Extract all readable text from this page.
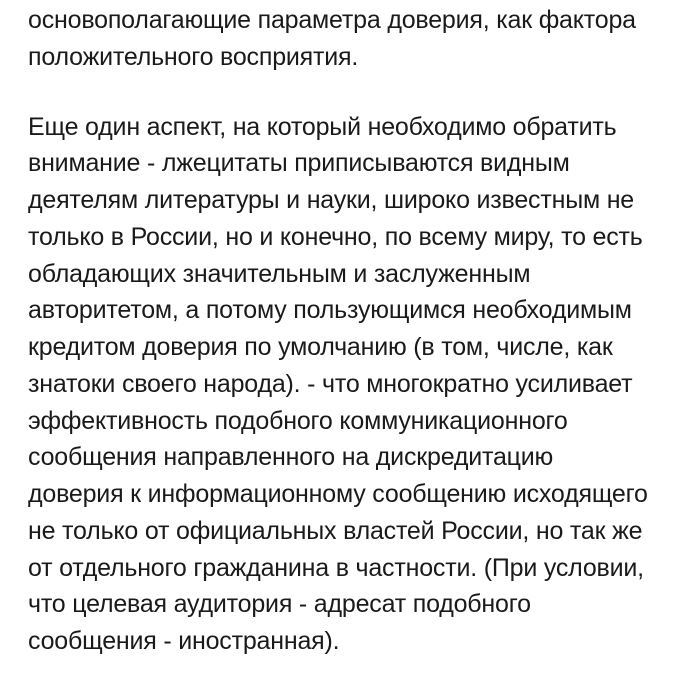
основополагающие параметра доверия, как фактора
положительного восприятия.
Еще один аспект, на который необходимо обратить
внимание - лжецитаты приписываются видным
деятелям литературы и науки, широко известным не
только в России, но и конечно, по всему миру, то есть
обладающих значительным и заслуженным
авторитетом, а потому пользующимся необходимым
кредитом доверия по умолчанию (в том, числе, как
знатоки своего народа). - что многократно усиливает
эффективность подобного коммуникационного
сообщения направленного на дискредитацию
доверия к информационному сообщению исходящего
не только от официальных властей России, но так же
от отдельного гражданина в частности. (При условии,
что целевая аудитория - адресат подобного
сообщения - иностранная).
